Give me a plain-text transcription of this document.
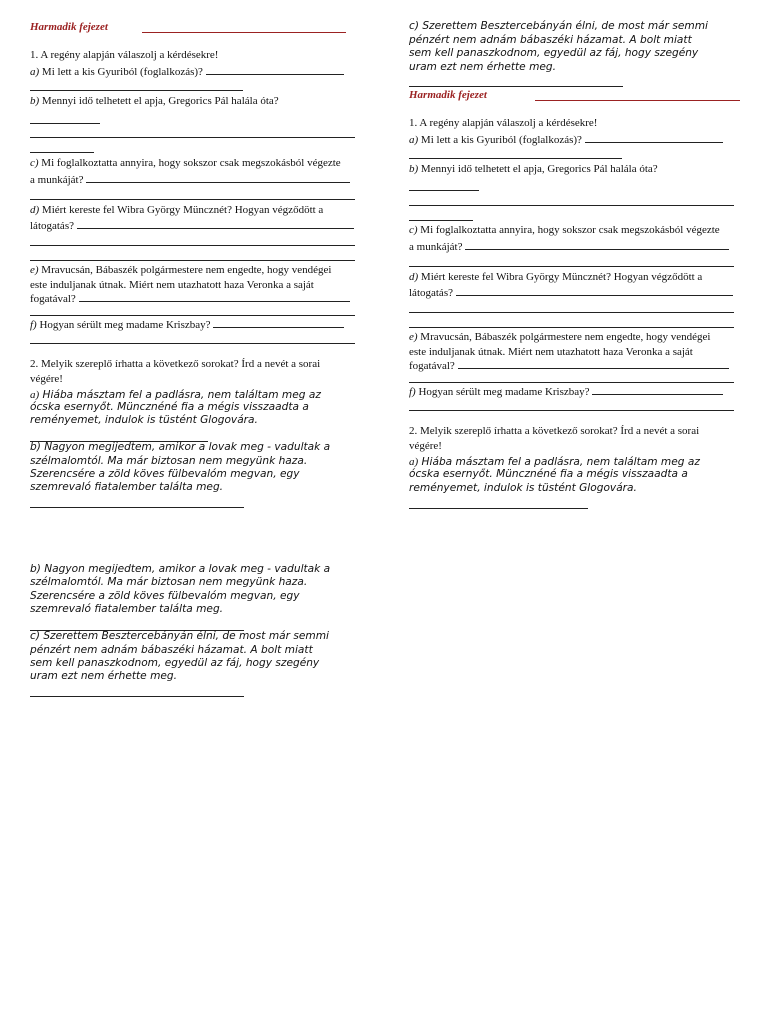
Harmadik fejezet
1. A regény alapján válaszolj a kérdésekre!
a) Mi lett a kis Gyuriból (foglalkozás)?
b) Mennyi idő telhetett el apja, Gregorics Pál halála óta?
c) Mi foglalkoztatta annyira, hogy sokszor csak megszokásból végezte
a munkáját?
d) Miért kereste fel Wibra György Müncznét? Hogyan végződött a
látogatás?
e) Mravucsán, Bábaszék polgármestere nem engedte, hogy vendégei
este induljanak útnak. Miért nem utazhatott haza Veronka a saját
fogatával?
f) Hogyan sérült meg madame Kriszbay?
2. Melyik szereplő írhatta a következő sorokat? Írd a nevét a sorai
végére!
a) Hiába másztam fel a padlásra, nem találtam meg az
ócska esernyőt. Müncznéné fia a mégis visszaadta a
reményemet, indulok is tüstént Glogovára.
b) Nagyon megijedtem, amikor a lovak meg - vadultak a
szélmalomtól. Ma már biztosan nem megyünk haza.
Szerencsére a zöld köves fülbevalóm megvan, egy
szemrevaló fiatalember találta meg.
b) Nagyon megijedtem, amikor a lovak meg - vadultak a
szélmalomtól. Ma már biztosan nem megyünk haza.
Szerencsére a zöld köves fülbevalóm megvan, egy
szemrevaló fiatalember találta meg.
c) Szerettem Besztercebányán élni, de most már semmi
pénzért nem adnám bábaszéki házamat. A bolt miatt
sem kell panaszkodnom, egyedül az fáj, hogy szegény
uram ezt nem érhette meg.
c) Szerettem Besztercebányán élni, de most már semmi
pénzért nem adnám bábaszéki házamat. A bolt miatt
sem kell panaszkodnom, egyedül az fáj, hogy szegény
uram ezt nem érhette meg.
Harmadik fejezet
1. A regény alapján válaszolj a kérdésekre!
a) Mi lett a kis Gyuriból (foglalkozás)?
b) Mennyi idő telhetett el apja, Gregorics Pál halála óta?
c) Mi foglalkoztatta annyira, hogy sokszor csak megszokásból végezte
a munkáját?
d) Miért kereste fel Wibra György Müncznét? Hogyan végződött a
látogatás?
e) Mravucsán, Bábaszék polgármestere nem engedte, hogy vendégei
este induljanak útnak. Miért nem utazhatott haza Veronka a saját
fogatával?
f) Hogyan sérült meg madame Kriszbay?
2. Melyik szereplő írhatta a következő sorokat? Írd a nevét a sorai
végére!
a) Hiába másztam fel a padlásra, nem találtam meg az
ócska esernyőt. Müncznéné fia a mégis visszaadta a
reményemet, indulok is tüstént Glogovára.
